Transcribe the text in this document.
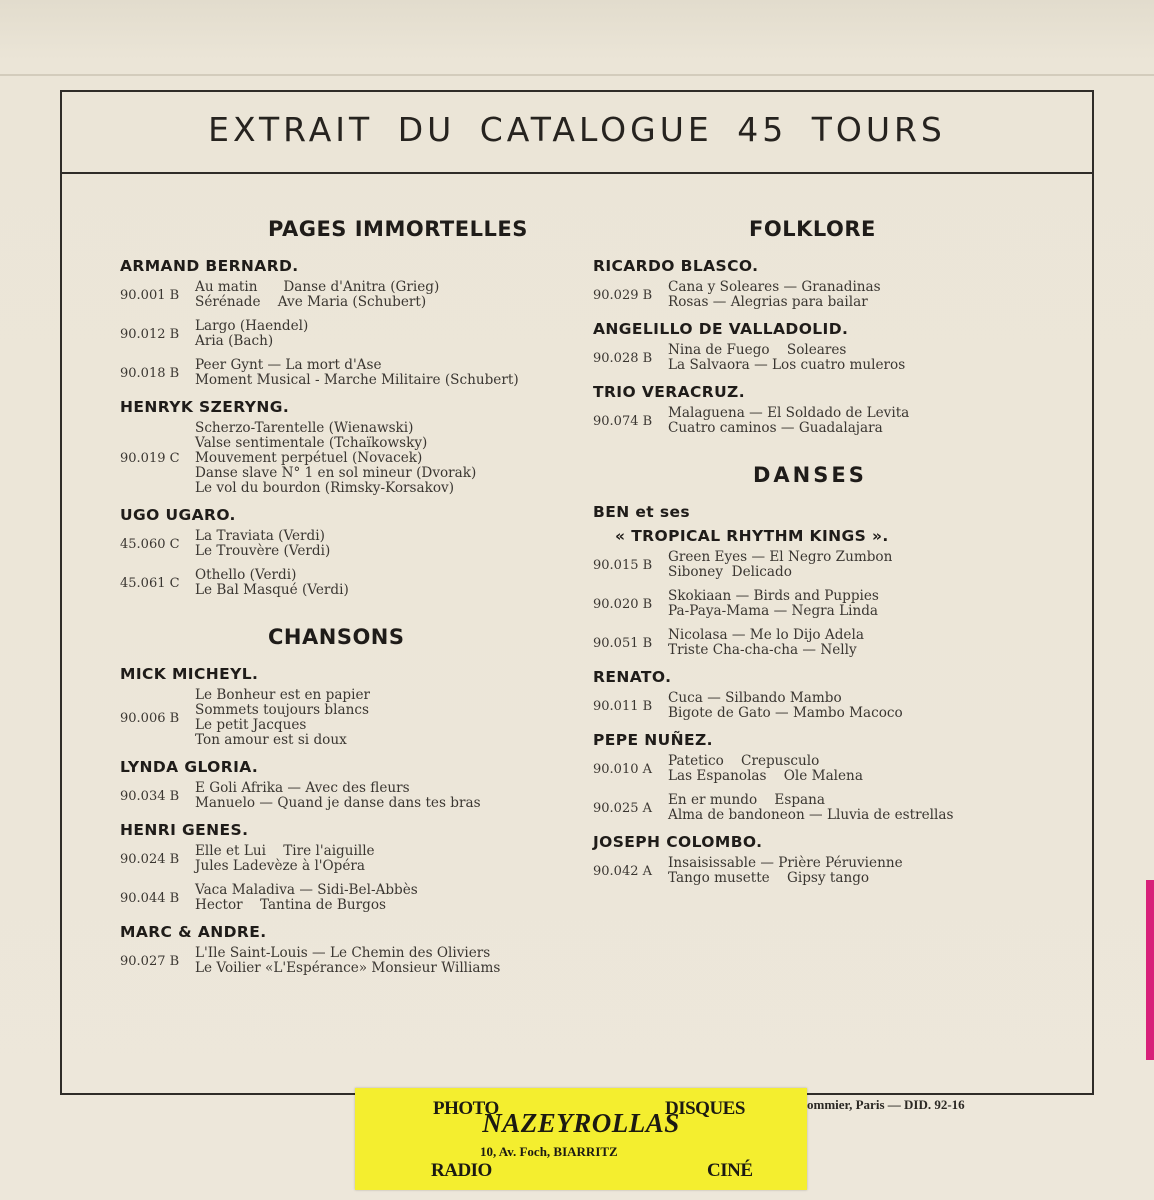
EXTRAIT DU CATALOGUE 45 TOURS
PAGES IMMORTELLES
ARMAND BERNARD.
90.001 B	Au matin      Danse d'Anitra (Grieg)
Sérénade    Ave Maria (Schubert)
90.012 B	Largo (Haendel)
Aria (Bach)
90.018 B	Peer Gynt — La mort d'Ase
Moment Musical - Marche Militaire (Schubert)
HENRYK SZERYNG.
90.019 C
Scherzo-Tarentelle (Wienawski)
Valse sentimentale (Tchaïkowsky)
Mouvement perpétuel (Novacek)
Danse slave N° 1 en sol mineur (Dvorak)
Le vol du bourdon (Rimsky-Korsakov)
UGO UGARO.
45.060 C	La Traviata (Verdi)
Le Trouvère (Verdi)
45.061 C	Othello (Verdi)
Le Bal Masqué (Verdi)
CHANSONS
MICK MICHEYL.
90.006 B
Le Bonheur est en papier
Sommets toujours blancs
Le petit Jacques
Ton amour est si doux
LYNDA GLORIA.
90.034 B	E Goli Afrika — Avec des fleurs
Manuelo — Quand je danse dans tes bras
HENRI GENES.
90.024 B	Elle et Lui    Tire l'aiguille
Jules Ladevèze à l'Opéra
90.044 B	Vaca Maladiva — Sidi-Bel-Abbès
Hector    Tantina de Burgos
MARC & ANDRE.
90.027 B	L'Ile Saint-Louis — Le Chemin des Oliviers
Le Voilier «L'Espérance» Monsieur Williams
FOLKLORE
RICARDO BLASCO.
90.029 B	Cana y Soleares — Granadinas
Rosas — Alegrias para bailar
ANGELILLO DE VALLADOLID.
90.028 B	Nina de Fuego    Soleares
La Salvaora — Los cuatro muleros
TRIO VERACRUZ.
90.074 B	Malaguena — El Soldado de Levita
Cuatro caminos — Guadalajara
DANSES
BEN et ses
« TROPICAL RHYTHM KINGS ».
90.015 B	Green Eyes — El Negro Zumbon
Siboney  Delicado
90.020 B	Skokiaan — Birds and Puppies
Pa-Paya-Mama — Negra Linda
90.051 B	Nicolasa — Me lo Dijo Adela
Triste Cha-cha-cha — Nelly
RENATO.
90.011 B	Cuca — Silbando Mambo
Bigote de Gato — Mambo Macoco
PEPE NUÑEZ.
90.010 A	Patetico    Crepusculo
Las Espanolas    Ole Malena
90.025 A	En er mundo    Espana
Alma de bandoneon — Lluvia de estrellas
JOSEPH COLOMBO.
90.042 A	Insaisissable — Prière Péruvienne
Tango musette    Gipsy tango
ommier, Paris — DID. 92-16
PHOTO	DISQUES
NAZEYROLLAS
10, Av. Foch, BIARRITZ
RADIO	CINÉ
